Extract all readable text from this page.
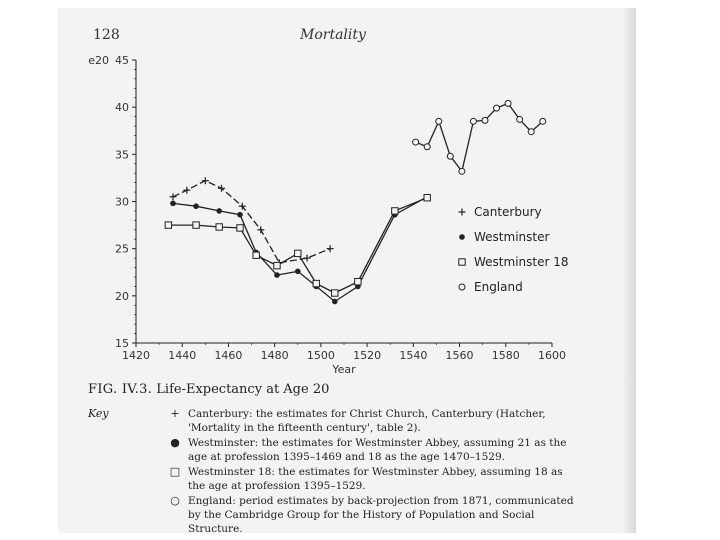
128	Mortality
15
20
25
30
35
40
45
e20
1420 1440 1460 1480 1500 1520 1540 1560 1580 1600
Year
Canterbury
Westminster
Westminster 18
England
FIG. IV.3. Life-Expectancy at Age 20
Key	+ Canterbury: the estimates for Christ Church, Canterbury (Hatcher, 'Mortality in the fifteenth century', table 2).
● Westminster: the estimates for Westminster Abbey, assuming 21 as the age at profession 1395–1469 and 18 as the age 1470–1529.
□ Westminster 18: the estimates for Westminster Abbey, assuming 18 as the age at profession 1395–1529.
○ England: period estimates by back-projection from 1871, communicated by the Cambridge Group for the History of Population and Social Structure.
